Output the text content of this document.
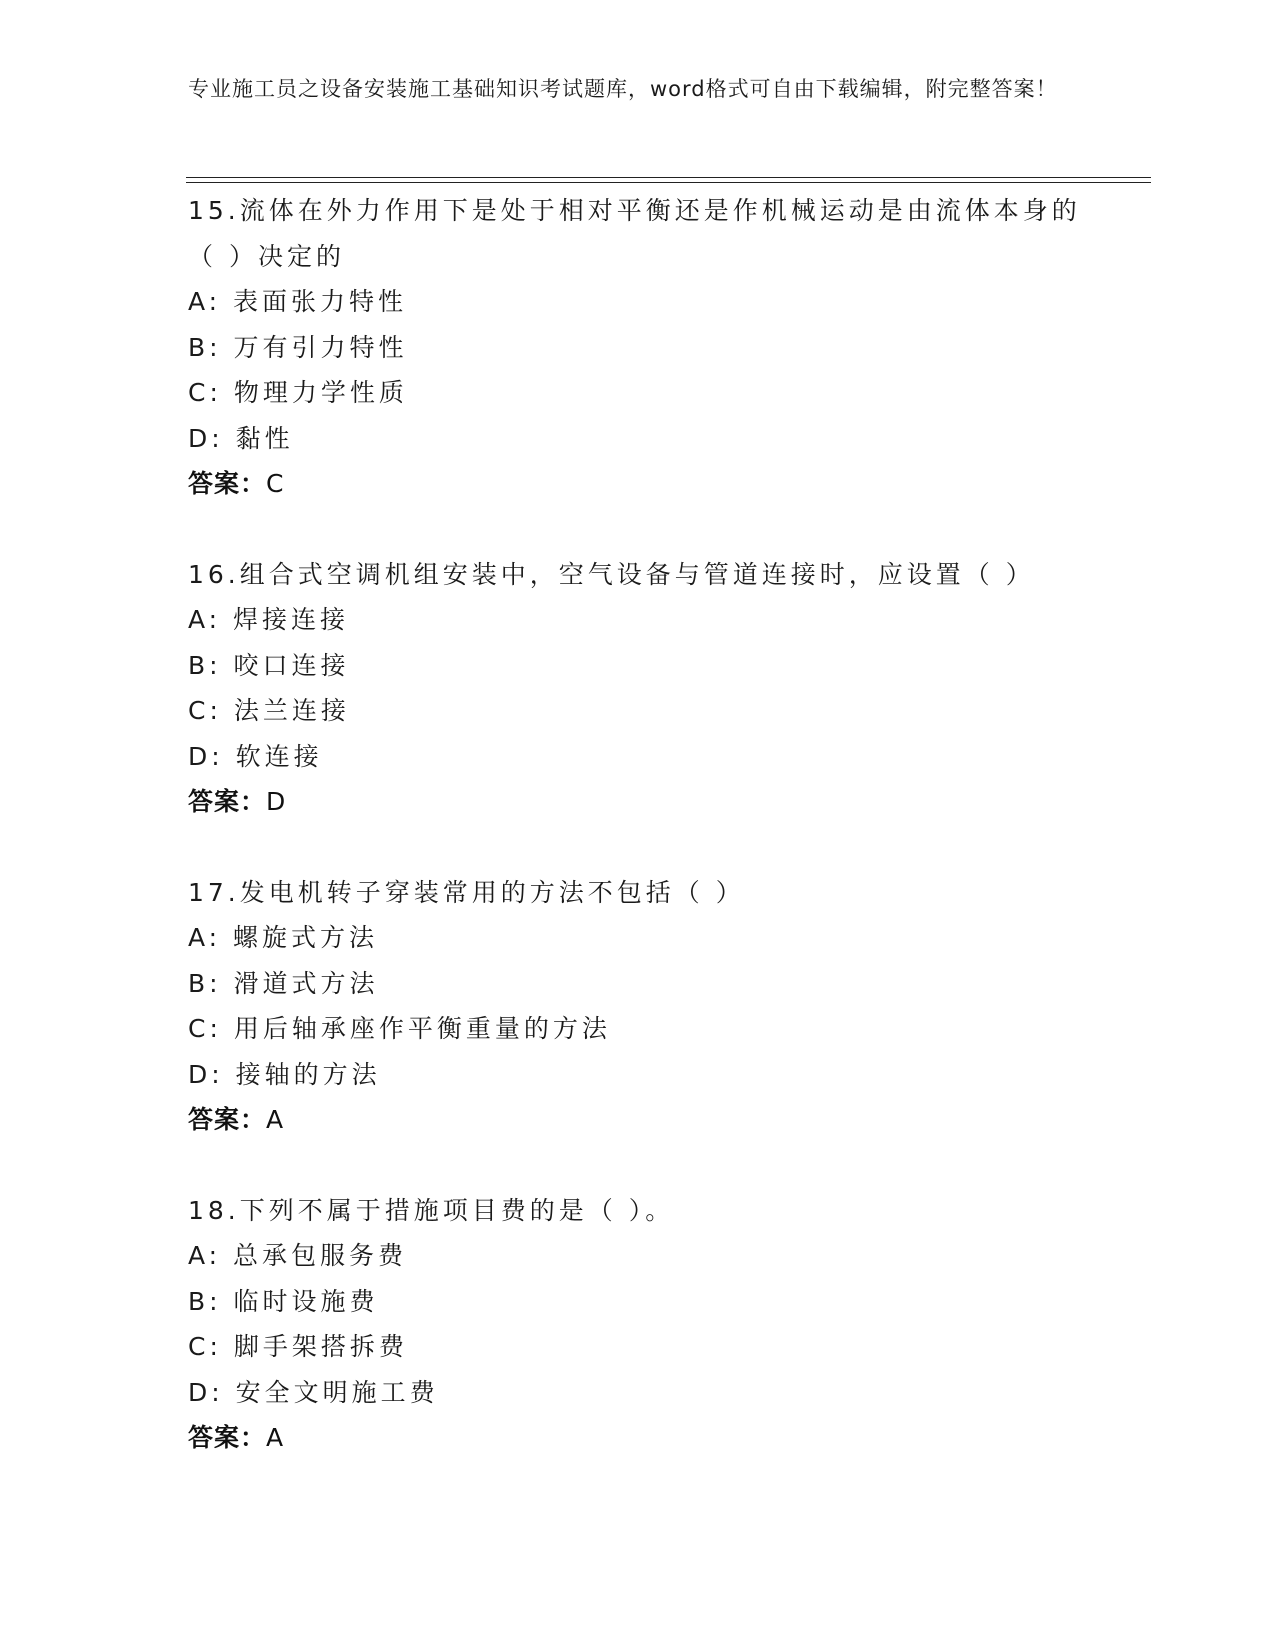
专业施工员之设备安装施工基础知识考试题库，word格式可自由下载编辑，附完整答案！
15.流体在外力作用下是处于相对平衡还是作机械运动是由流体本身的（ ）决定的
A: 表面张力特性
B: 万有引力特性
C: 物理力学性质
D: 黏性
答案：C
16.组合式空调机组安装中，空气设备与管道连接时，应设置（ ）
A: 焊接连接
B: 咬口连接
C: 法兰连接
D: 软连接
答案：D
17.发电机转子穿装常用的方法不包括（ ）
A: 螺旋式方法
B: 滑道式方法
C: 用后轴承座作平衡重量的方法
D: 接轴的方法
答案：A
18.下列不属于措施项目费的是（ ）。
A: 总承包服务费
B: 临时设施费
C: 脚手架搭拆费
D: 安全文明施工费
答案：A
